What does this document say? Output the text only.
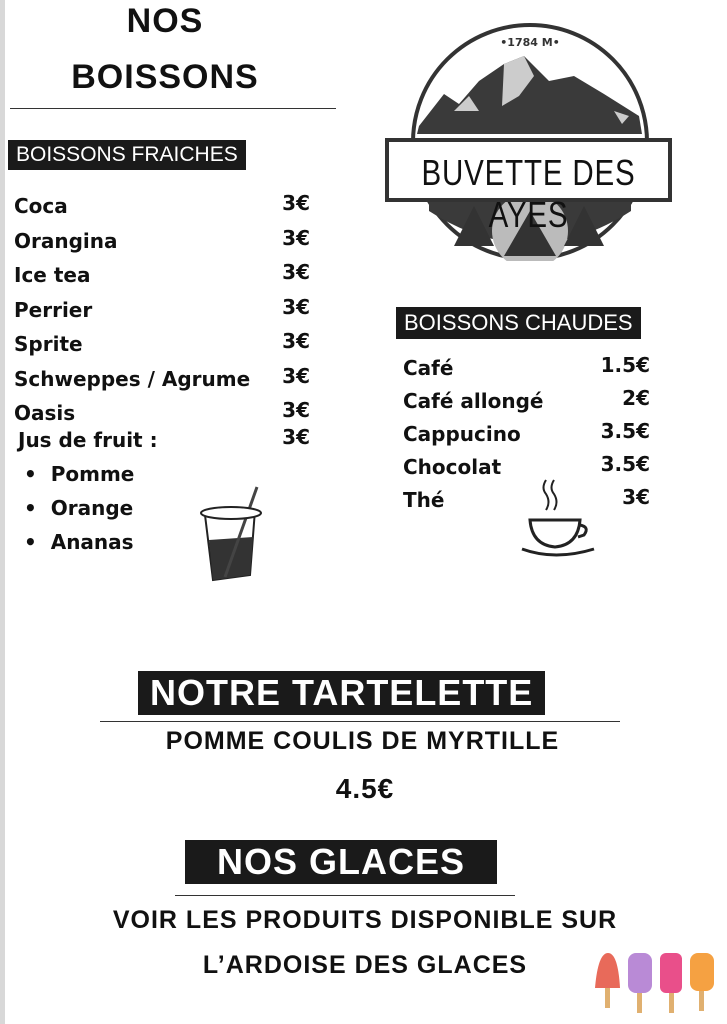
NOS
BOISSONS
•1784 M•
BUVETTE DES AYES
BOISSONS FRAICHES
Coca	3€
Orangina	3€
Ice tea	3€
Perrier	3€
Sprite	3€
Schweppes / Agrume	3€
Oasis	3€
Jus de fruit :	3€
•  Pomme
•  Orange
•  Ananas
BOISSONS CHAUDES
Café	1.5€
Café allongé	2€
Cappucino	3.5€
Chocolat	3.5€
Thé	3€
NOTRE TARTELETTE
POMME COULIS DE MYRTILLE
4.5€
NOS GLACES
VOIR LES PRODUITS DISPONIBLE SUR
L’ARDOISE DES GLACES
